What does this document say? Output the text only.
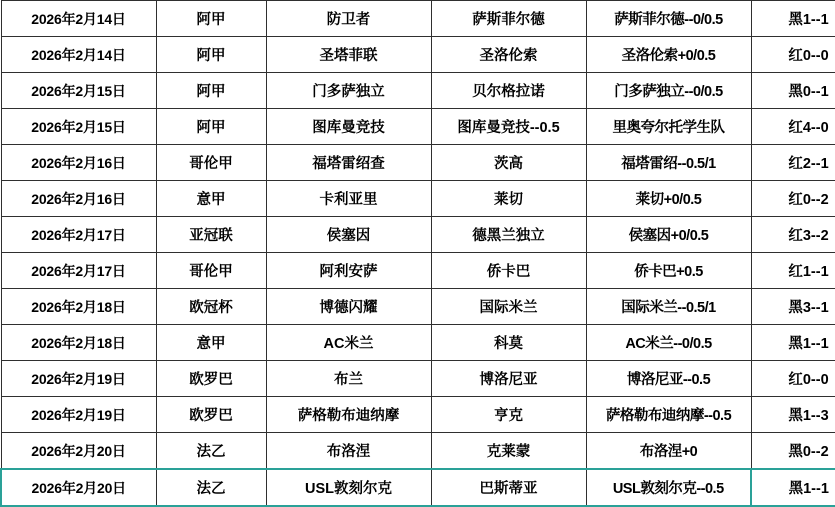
2026年2月14日	阿甲	防卫者	萨斯菲尔德	萨斯菲尔德--0/0.5	黑1--1
2026年2月14日	阿甲	圣塔菲联	圣洛伦索	圣洛伦索+0/0.5	红0--0
2026年2月15日	阿甲	门多萨独立	贝尔格拉诺	门多萨独立--0/0.5	黑0--1
2026年2月15日	阿甲	图库曼竞技	图库曼竞技--0.5	里奥夸尔托学生队	红4--0
2026年2月16日	哥伦甲	福塔雷绍查	茨高	福塔雷绍--0.5/1	红2--1
2026年2月16日	意甲	卡利亚里	莱切	莱切+0/0.5	红0--2
2026年2月17日	亚冠联	侯塞因	德黑兰独立	侯塞因+0/0.5	红3--2
2026年2月17日	哥伦甲	阿利安萨	侨卡巴	侨卡巴+0.5	红1--1
2026年2月18日	欧冠杯	博德闪耀	国际米兰	国际米兰--0.5/1	黑3--1
2026年2月18日	意甲	AC米兰	科莫	AC米兰--0/0.5	黑1--1
2026年2月19日	欧罗巴	布兰	博洛尼亚	博洛尼亚--0.5	红0--0
2026年2月19日	欧罗巴	萨格勒布迪纳摩	亨克	萨格勒布迪纳摩--0.5	黑1--3
2026年2月20日	法乙	布洛涅	克莱蒙	布洛涅+0	黑0--2
2026年2月20日	法乙	USL敦刻尔克	巴斯蒂亚	USL敦刻尔克--0.5	黑1--1
